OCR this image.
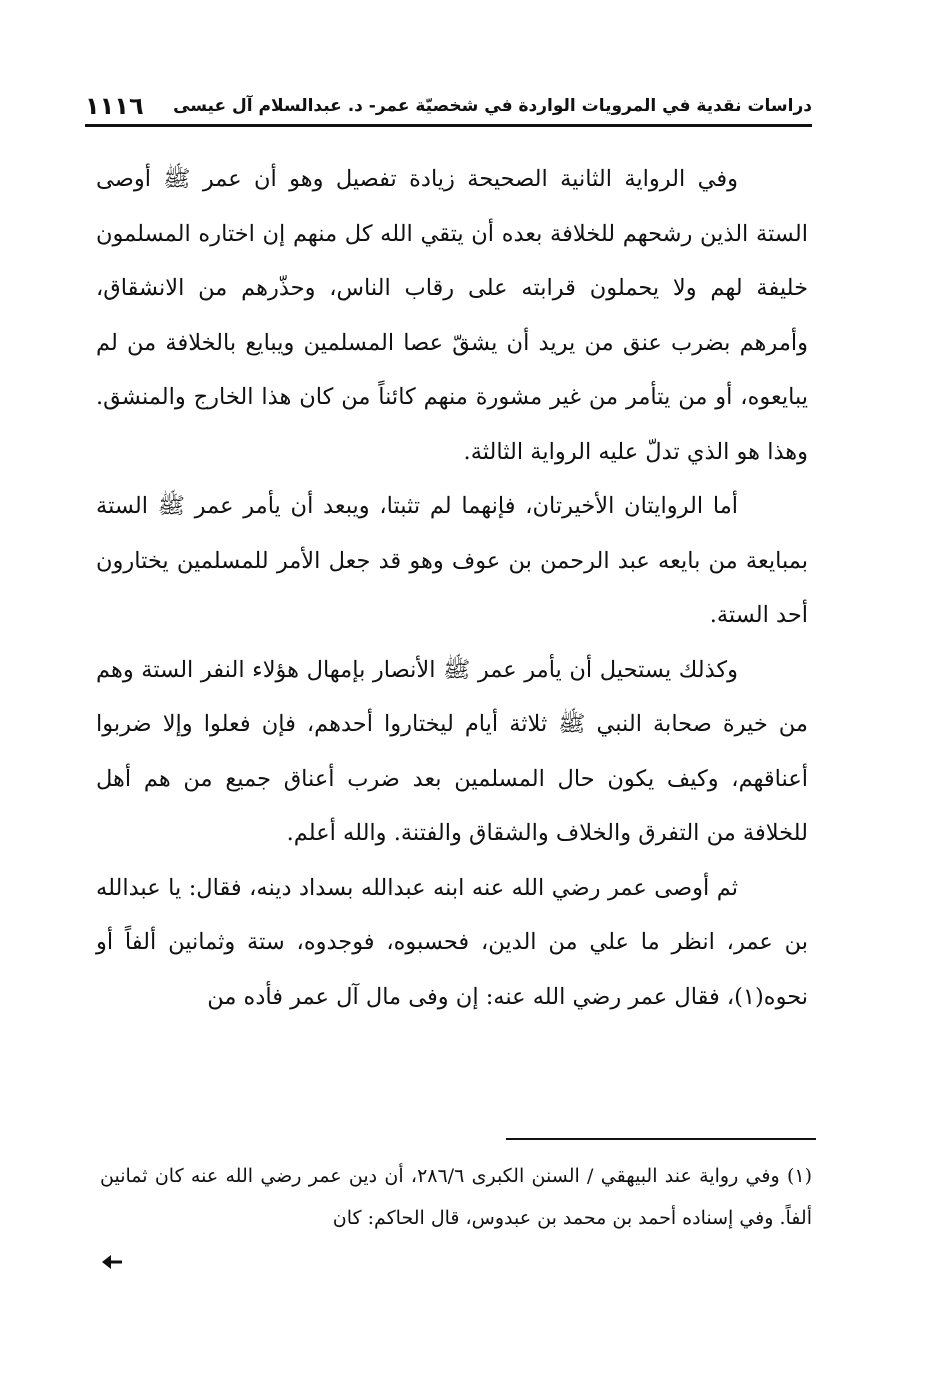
دراسات نقدية في المرويات الواردة في شخصيّة عمر- د. عبدالسلام آل عيسى
١١١٦

وفي الرواية الثانية الصحيحة زيادة تفصيل وهو أن عمر ﷺ أوصى الستة الذين رشحهم للخلافة بعده أن يتقي الله كل منهم إن اختاره المسلمون خليفة لهم ولا يحملون قرابته على رقاب الناس، وحذّرهم من الانشقاق، وأمرهم بضرب عنق من يريد أن يشقّ عصا المسلمين ويبايع بالخلافة من لم يبايعوه، أو من يتأمر من غير مشورة منهم كائناً من كان هذا الخارج والمنشق. وهذا هو الذي تدلّ عليه الرواية الثالثة.

أما الروايتان الأخيرتان، فإنهما لم تثبتا، ويبعد أن يأمر عمر ﷺ الستة بمبايعة من بايعه عبد الرحمن بن عوف وهو قد جعل الأمر للمسلمين يختارون أحد الستة.

وكذلك يستحيل أن يأمر عمر ﷺ الأنصار بإمهال هؤلاء النفر الستة وهم من خيرة صحابة النبي ﷺ ثلاثة أيام ليختاروا أحدهم، فإن فعلوا وإلا ضربوا أعناقهم، وكيف يكون حال المسلمين بعد ضرب أعناق جميع من هم أهل للخلافة من التفرق والخلاف والشقاق والفتنة. والله أعلم.

ثم أوصى عمر رضي الله عنه ابنه عبدالله بسداد دينه، فقال: يا عبدالله بن عمر، انظر ما علي من الدين، فحسبوه، فوجدوه، ستة وثمانين ألفاً أو نحوه(١)، فقال عمر رضي الله عنه: إن وفى مال آل عمر فأده من

(١) وفي رواية عند البيهقي / السنن الكبرى ٢٨٦/٦، أن دين عمر رضي الله عنه كان ثمانين ألفاً. وفي إسناده أحمد بن محمد بن عبدوس، قال الحاكم: كان
